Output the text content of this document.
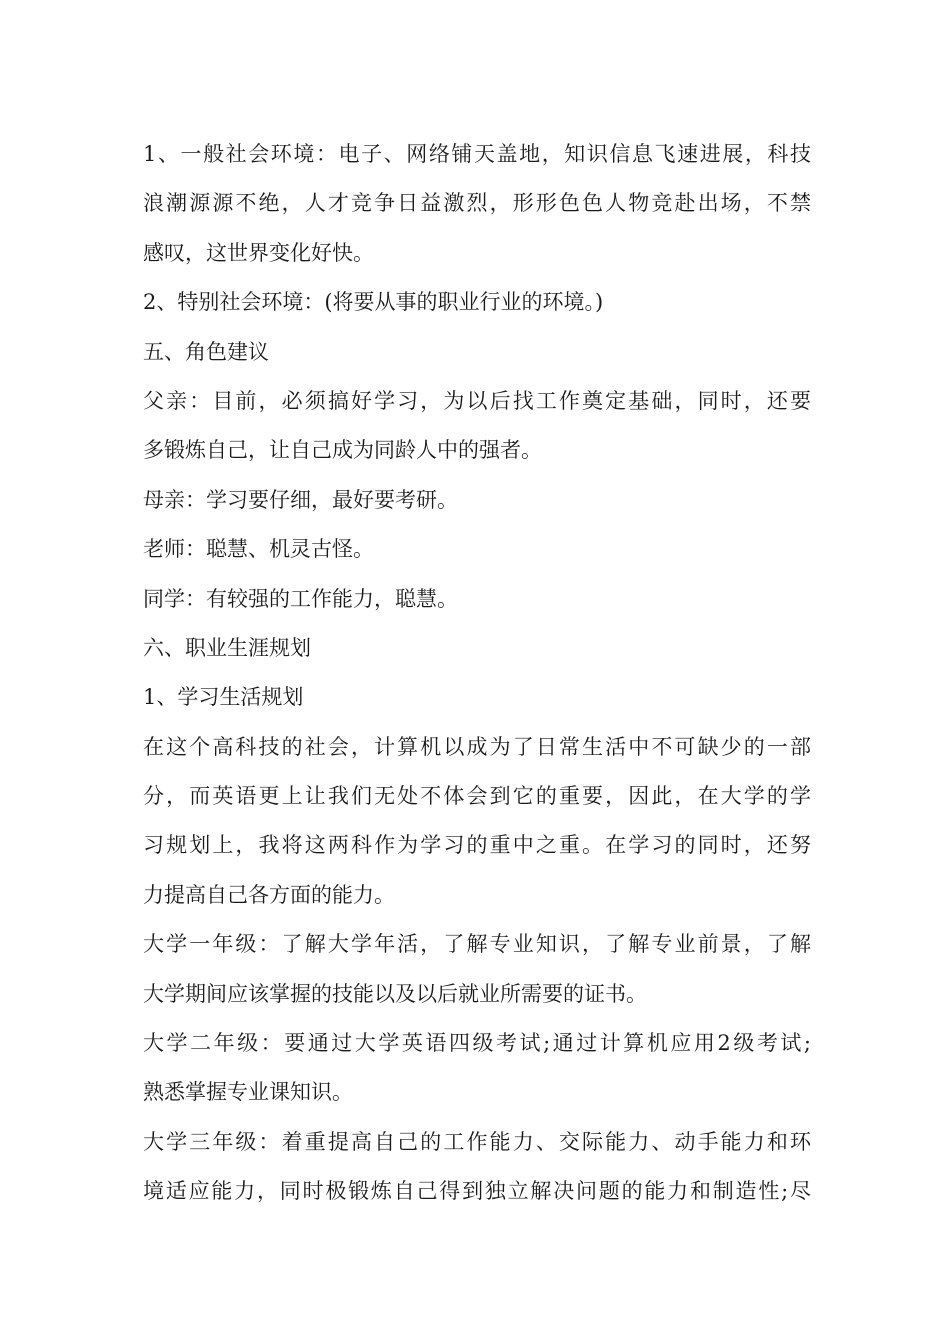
1、一般社会环境：电子、网络铺天盖地，知识信息飞速进展，科技
浪潮源源不绝，人才竞争日益激烈，形形色色人物竞赴出场，不禁
感叹，这世界变化好快。
2、特别社会环境：(将要从事的职业行业的环境。)
五、角色建议
父亲：目前，必须搞好学习，为以后找工作奠定基础，同时，还要
多锻炼自己，让自己成为同龄人中的强者。
母亲：学习要仔细，最好要考研。
老师：聪慧、机灵古怪。
同学：有较强的工作能力，聪慧。
六、职业生涯规划
1、学习生活规划
在这个高科技的社会，计算机以成为了日常生活中不可缺少的一部
分，而英语更上让我们无处不体会到它的重要，因此，在大学的学
习规划上，我将这两科作为学习的重中之重。在学习的同时，还努
力提高自己各方面的能力。
大学一年级：了解大学年活，了解专业知识，了解专业前景，了解
大学期间应该掌握的技能以及以后就业所需要的证书。
大学二年级：要通过大学英语四级考试;通过计算机应用2级考试;
熟悉掌握专业课知识。
大学三年级：着重提高自己的工作能力、交际能力、动手能力和环
境适应能力，同时极锻炼自己得到独立解决问题的能力和制造性;尽
